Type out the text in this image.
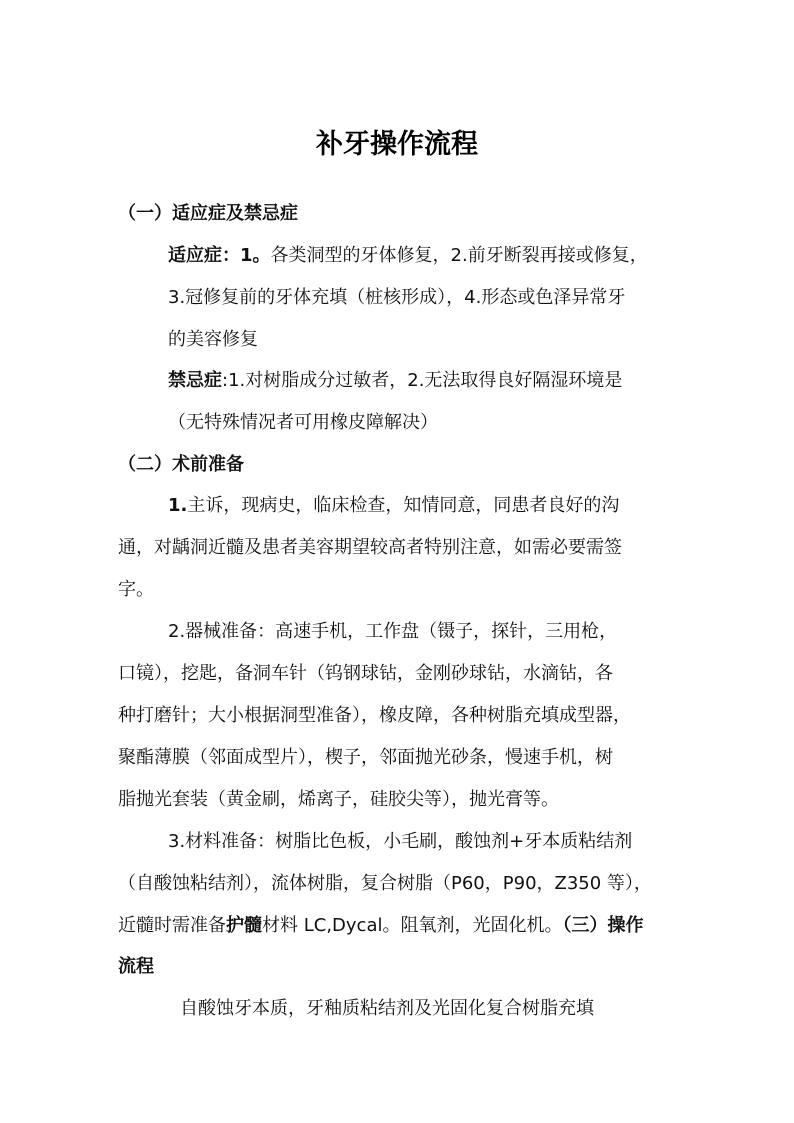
补牙操作流程
（一）适应症及禁忌症
适应症：1。各类洞型的牙体修复，2.前牙断裂再接或修复，
3.冠修复前的牙体充填（桩核形成），4.形态或色泽异常牙
的美容修复
禁忌症:1.对树脂成分过敏者，2.无法取得良好隔湿环境是
（无特殊情况者可用橡皮障解决）
（二）术前准备
1.主诉，现病史，临床检查，知情同意，同患者良好的沟
通，对龋洞近髓及患者美容期望较高者特别注意，如需必要需签
字。
2.器械准备：高速手机，工作盘（镊子，探针，三用枪，
口镜），挖匙，备洞车针（钨钢球钻，金刚砂球钻，水滴钻，各
种打磨针；大小根据洞型准备），橡皮障，各种树脂充填成型器，
聚酯薄膜（邻面成型片），楔子，邻面抛光砂条，慢速手机，树
脂抛光套装（黄金刷，烯离子，硅胶尖等），抛光膏等。
3.材料准备：树脂比色板，小毛刷，酸蚀剂+牙本质粘结剂
（自酸蚀粘结剂），流体树脂，复合树脂（P60，P90，Z350 等），
近髓时需准备护髓材料 LC,Dycal。阻氧剂，光固化机。（三）操作
流程
自酸蚀牙本质，牙釉质粘结剂及光固化复合树脂充填
